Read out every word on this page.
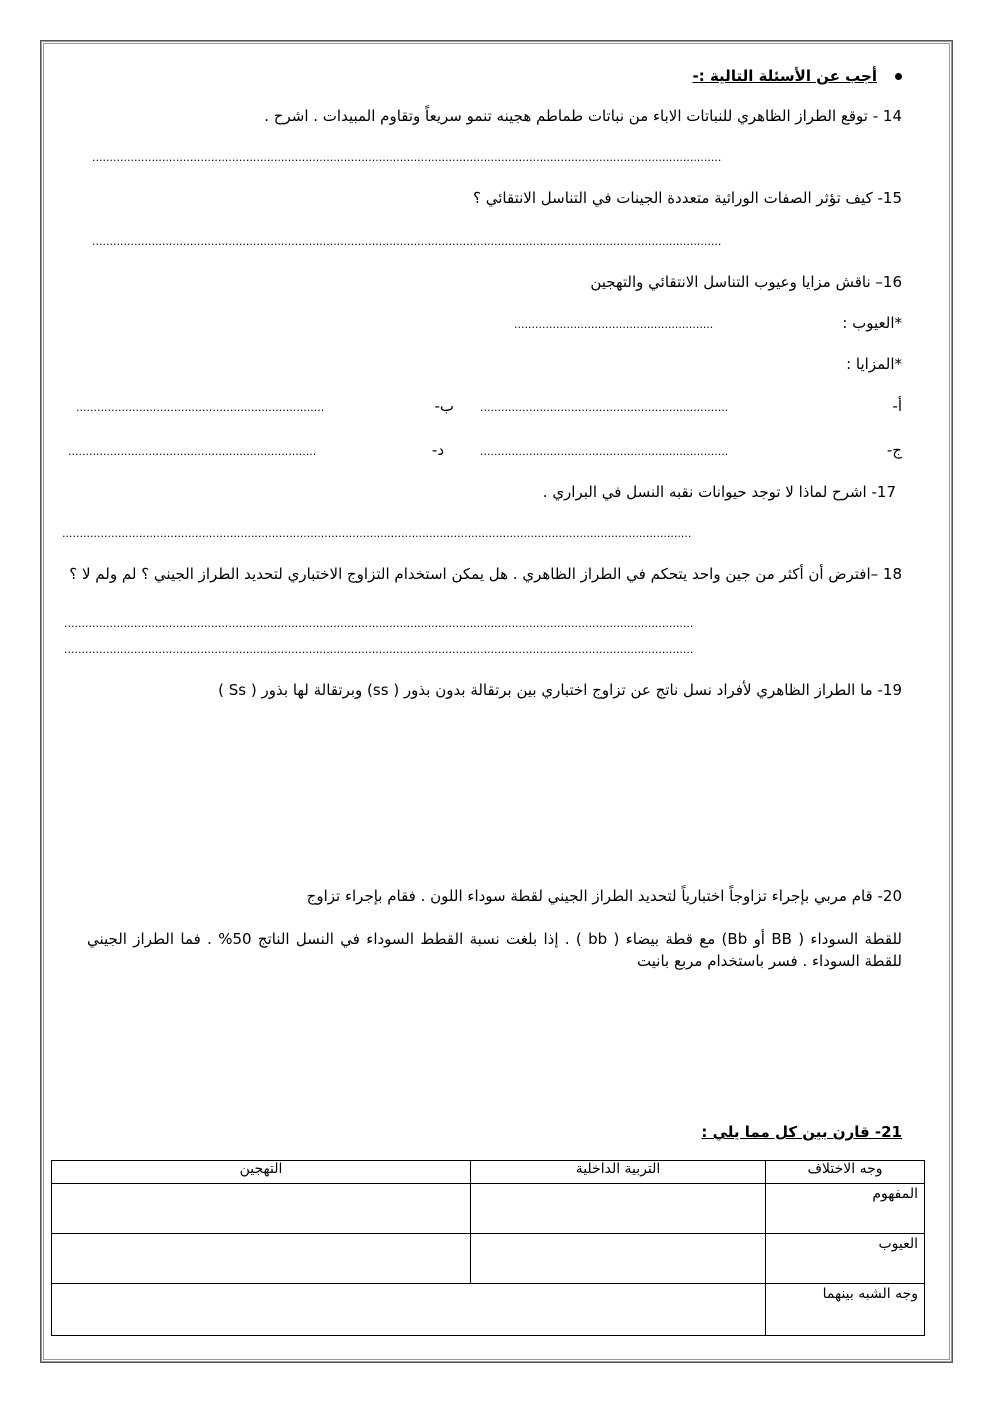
أجب عن الأسئلة التالية :-
14 - توقع الطراز الظاهري للنباتات الاباء من نباتات طماطم هجينه تنمو سريعاً وتقاوم المبيدات . اشرح .
....................................................................................................................................................................................
15- كيف تؤثر الصفات الوراثية متعددة الجينات في التناسل الانتقائي ؟
....................................................................................................................................................................................
16– ناقش مزايا وعيوب التناسل الانتقائي والتهجين
*العيوب :
.........................................................
*المزايا :
أ-
.......................................................................
ب-
.......................................................................
ج-
.......................................................................
د-
.......................................................................
17- اشرح لماذا لا توجد حيوانات نقبه النسل في البراري .
....................................................................................................................................................................................
18 –افترض أن أكثر من جين واحد يتحكم في الطراز الظاهري . هل يمكن استخدام التزاوج الاختباري لتحديد الطراز الجيني ؟ لم ولم لا ؟
....................................................................................................................................................................................
....................................................................................................................................................................................
19- ما الطراز الظاهري لأفراد نسل ناتج عن تزاوج اختباري بين برتقالة بدون بذور ( ss) وبرتقالة لها بذور ( Ss )
20- قام مربي بإجراء تزاوجاً اختبارياً لتحديد الطراز الجيني لقطة سوداء اللون . فقام بإجراء تزاوج
للقطة السوداء ( BB أو Bb) مع قطة بيضاء ( bb ) . إذا بلغت نسبة القطط السوداء في النسل الناتج 50% . فما الطراز الجيني للقطة السوداء . فسر باستخدام مربع بانيت
21- قارن بين كل مما يلي :
وجه الاختلاف	التربية الداخلية	التهجين
المفهوم		
العيوب		
وجه الشبه بينهما		
